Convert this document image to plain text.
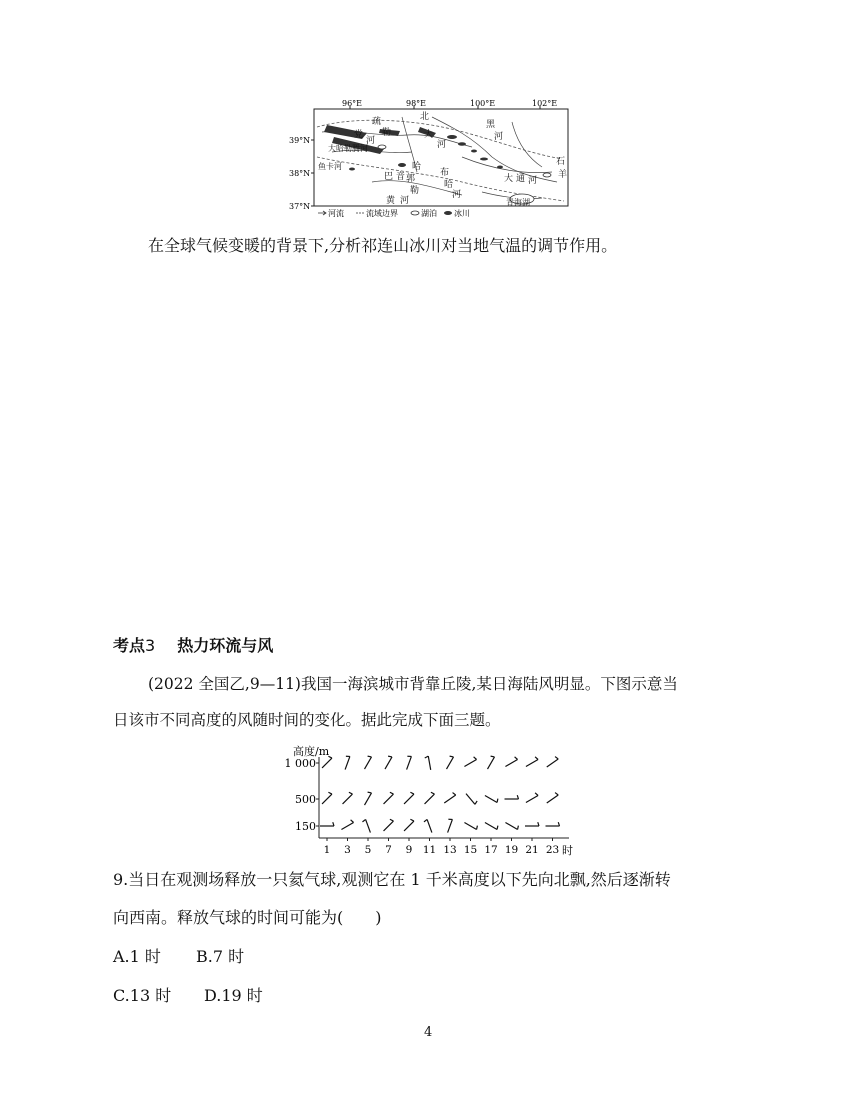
96°E	98°E	100°E	102°E
39°N
38°N
37°N
疏
勒
党
河
大哈勒腾河
鱼卡河
北
大
河
黑
河
巴 音 郭
勒
布
哈
河
大 通 河
石
羊
青海湖
哈
河
黄
河流	流域边界	湖泊 冰川
在全球气候变暖的背景下,分析祁连山冰川对当地气温的调节作用。
考点3 热力环流与风
(2022 全国乙,9—11)我国一海滨城市背靠丘陵,某日海陆风明显。下图示意当
日该市不同高度的风随时间的变化。据此完成下面三题。
高度/m
1 000
500
150
1 3 5 7 9 11 13 15 17 19 21 23 时
9.当日在观测场释放一只氦气球,观测它在 1 千米高度以下先向北飘,然后逐渐转
向西南。释放气球的时间可能为(　　)
A.1 时 B.7 时
C.13 时 D.19 时
4
